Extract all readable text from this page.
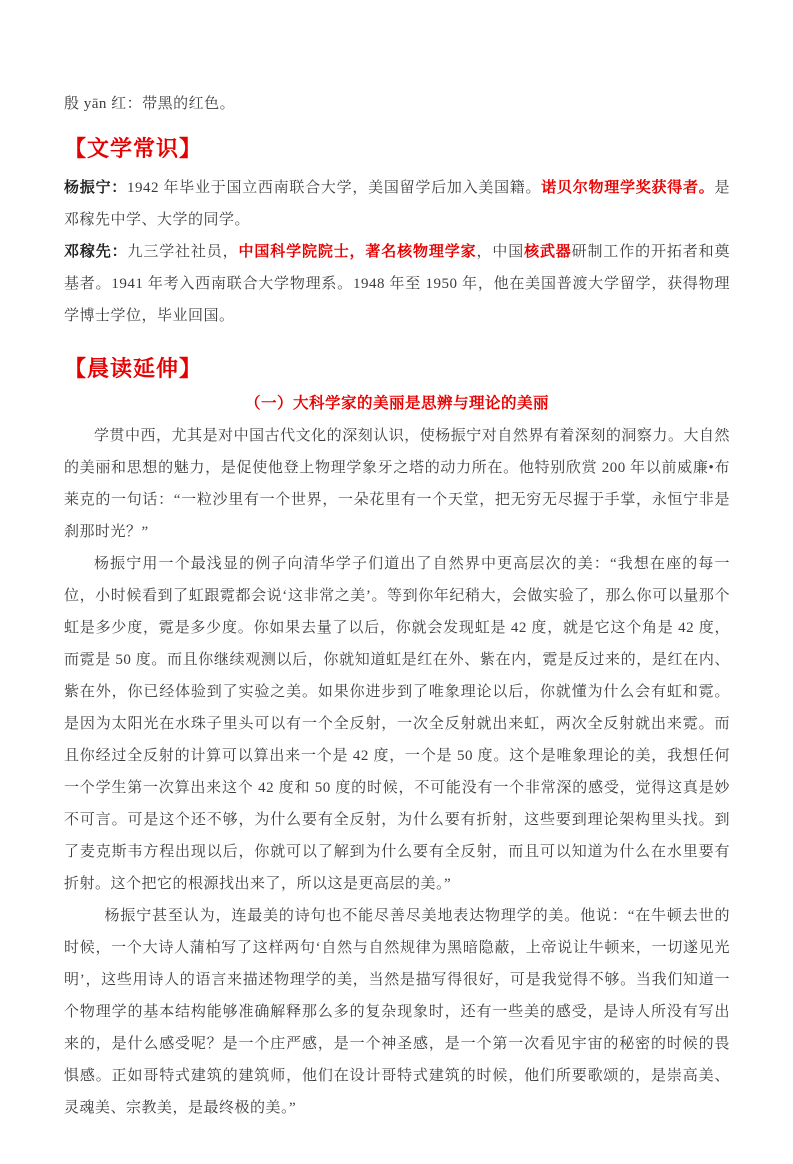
殷 yān 红：带黑的红色。

【文学常识】

杨振宁：1942 年毕业于国立西南联合大学，美国留学后加入美国籍。诺贝尔物理学奖获得者。是邓稼先中学、大学的同学。

邓稼先：九三学社社员，中国科学院院士，著名核物理学家，中国核武器研制工作的开拓者和奠基者。1941 年考入西南联合大学物理系。1948 年至 1950 年，他在美国普渡大学留学，获得物理学博士学位，毕业回国。

【晨读延伸】

（一）大科学家的美丽是思辨与理论的美丽

学贯中西，尤其是对中国古代文化的深刻认识，使杨振宁对自然界有着深刻的洞察力。大自然的美丽和思想的魅力，是促使他登上物理学象牙之塔的动力所在。他特别欣赏 200 年以前威廉•布莱克的一句话：“一粒沙里有一个世界，一朵花里有一个天堂，把无穷无尽握于手掌，永恒宁非是刹那时光？”

杨振宁用一个最浅显的例子向清华学子们道出了自然界中更高层次的美：“我想在座的每一位，小时候看到了虹跟霓都会说‘这非常之美’。等到你年纪稍大，会做实验了，那么你可以量那个虹是多少度，霓是多少度。你如果去量了以后，你就会发现虹是 42 度，就是它这个角是 42 度，而霓是 50 度。而且你继续观测以后，你就知道虹是红在外、紫在内，霓是反过来的，是红在内、紫在外，你已经体验到了实验之美。如果你进步到了唯象理论以后，你就懂为什么会有虹和霓。是因为太阳光在水珠子里头可以有一个全反射，一次全反射就出来虹，两次全反射就出来霓。而且你经过全反射的计算可以算出来一个是 42 度，一个是 50 度。这个是唯象理论的美，我想任何一个学生第一次算出来这个 42 度和 50 度的时候，不可能没有一个非常深的感受，觉得这真是妙不可言。可是这个还不够，为什么要有全反射，为什么要有折射，这些要到理论架构里头找。到了麦克斯韦方程出现以后，你就可以了解到为什么要有全反射，而且可以知道为什么在水里要有折射。这个把它的根源找出来了，所以这是更高层的美。”

杨振宁甚至认为，连最美的诗句也不能尽善尽美地表达物理学的美。他说：“在牛顿去世的时候，一个大诗人蒲柏写了这样两句‘自然与自然规律为黑暗隐蔽，上帝说让牛顿来，一切遂见光明’，这些用诗人的语言来描述物理学的美，当然是描写得很好，可是我觉得不够。当我们知道一个物理学的基本结构能够准确解释那么多的复杂现象时，还有一些美的感受，是诗人所没有写出来的，是什么感受呢？是一个庄严感，是一个神圣感，是一个第一次看见宇宙的秘密的时候的畏惧感。正如哥特式建筑的建筑师，他们在设计哥特式建筑的时候，他们所要歌颂的，是崇高美、灵魂美、宗教美，是最终极的美。”
